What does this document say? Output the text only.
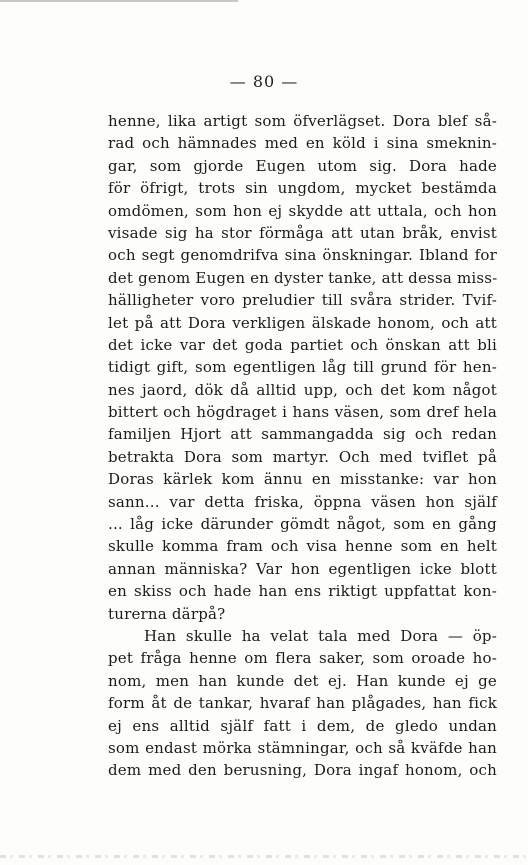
— 80 —
henne, lika artigt som öfverlägset. Dora blef så-
rad och hämnades med en köld i sina smeknin-
gar, som gjorde Eugen utom sig. Dora hade
för öfrigt, trots sin ungdom, mycket bestämda
omdömen, som hon ej skydde att uttala, och hon
visade sig ha stor förmåga att utan bråk, envist
och segt genomdrifva sina önskningar. Ibland for
det genom Eugen en dyster tanke, att dessa miss-
hälligheter voro preludier till svåra strider. Tvif-
let på att Dora verkligen älskade honom, och att
det icke var det goda partiet och önskan att bli
tidigt gift, som egentligen låg till grund för hen-
nes jaord, dök då alltid upp, och det kom något
bittert och högdraget i hans väsen, som dref hela
familjen Hjort att sammangadda sig och redan
betrakta Dora som martyr. Och med tviflet på
Doras kärlek kom ännu en misstanke: var hon
sann... var detta friska, öppna väsen hon själf
... låg icke därunder gömdt något, som en gång
skulle komma fram och visa henne som en helt
annan människa? Var hon egentligen icke blott
en skiss och hade han ens riktigt uppfattat kon-
turerna därpå?
Han skulle ha velat tala med Dora — öp-
pet fråga henne om flera saker, som oroade ho-
nom, men han kunde det ej. Han kunde ej ge
form åt de tankar, hvaraf han plågades, han fick
ej ens alltid själf fatt i dem, de gledo undan
som endast mörka stämningar, och så kväfde han
dem med den berusning, Dora ingaf honom, och
